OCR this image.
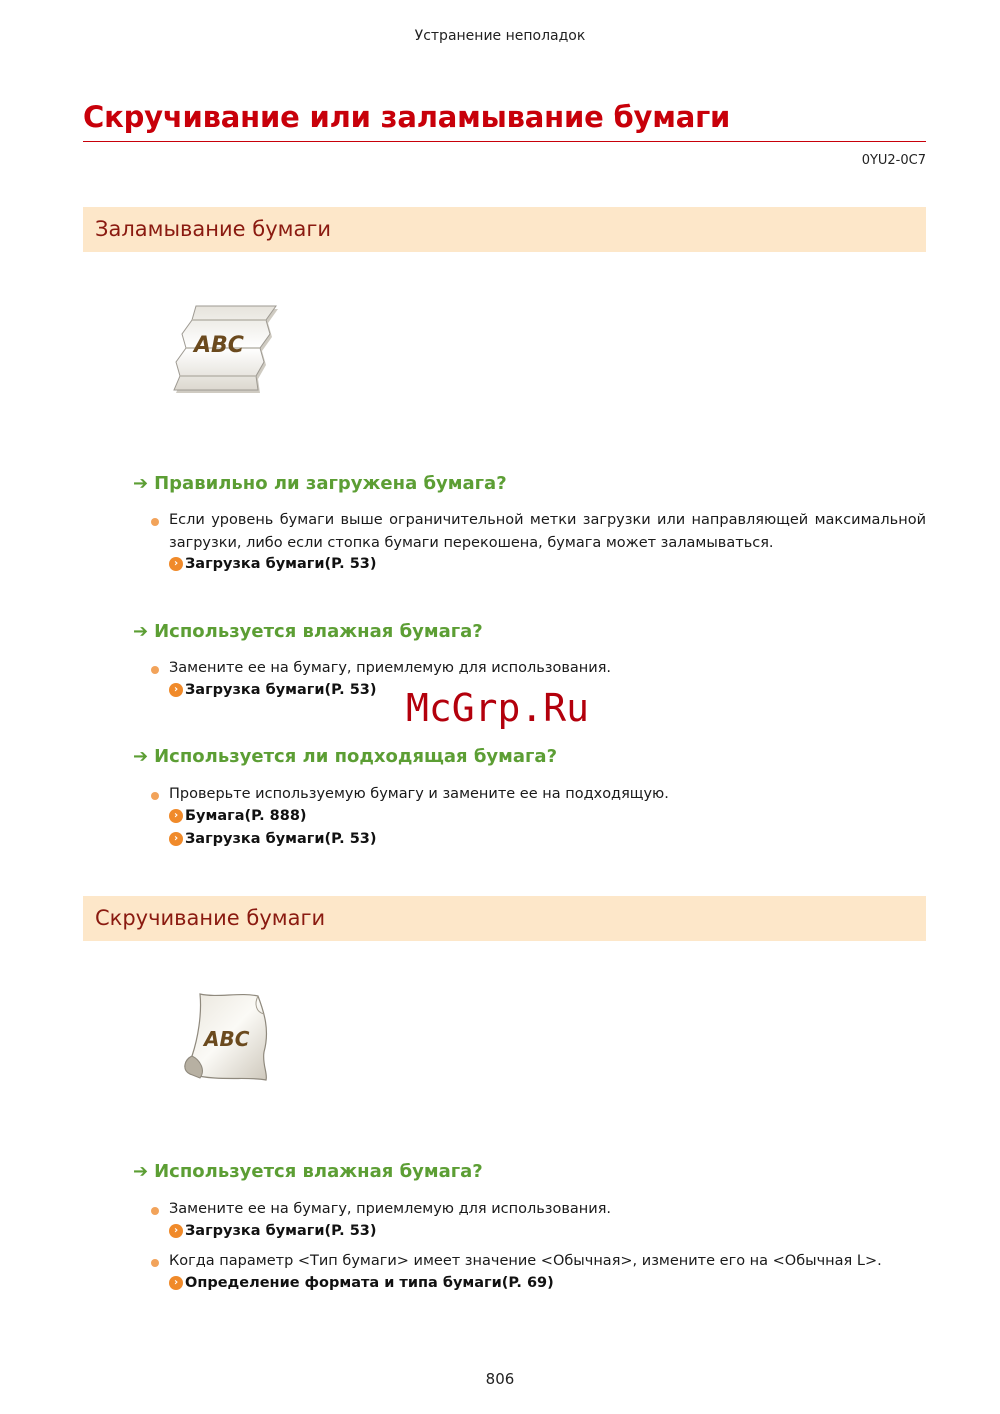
Устранение неполадок
Скручивание или заламывание бумаги
0YU2-0C7
Заламывание бумаги
ABC
➔ Правильно ли загружена бумага?
Если уровень бумаги выше ограничительной метки загрузки или направляющей максимальной загрузки, либо если стопка бумаги перекошена, бумага может заламываться.
› Загрузка бумаги(P. 53)
➔ Используется влажная бумага?
Замените ее на бумагу, приемлемую для использования.
› Загрузка бумаги(P. 53) McGrp.Ru
➔ Используется ли подходящая бумага?
Проверьте используемую бумагу и замените ее на подходящую.
› Бумага(P. 888)
› Загрузка бумаги(P. 53)
Скручивание бумаги
ABC
➔ Используется влажная бумага?
Замените ее на бумагу, приемлемую для использования.
› Загрузка бумаги(P. 53)
Когда параметр <Тип бумаги> имеет значение <Обычная>, измените его на <Обычная L>.
› Определение формата и типа бумаги(P. 69)
806
